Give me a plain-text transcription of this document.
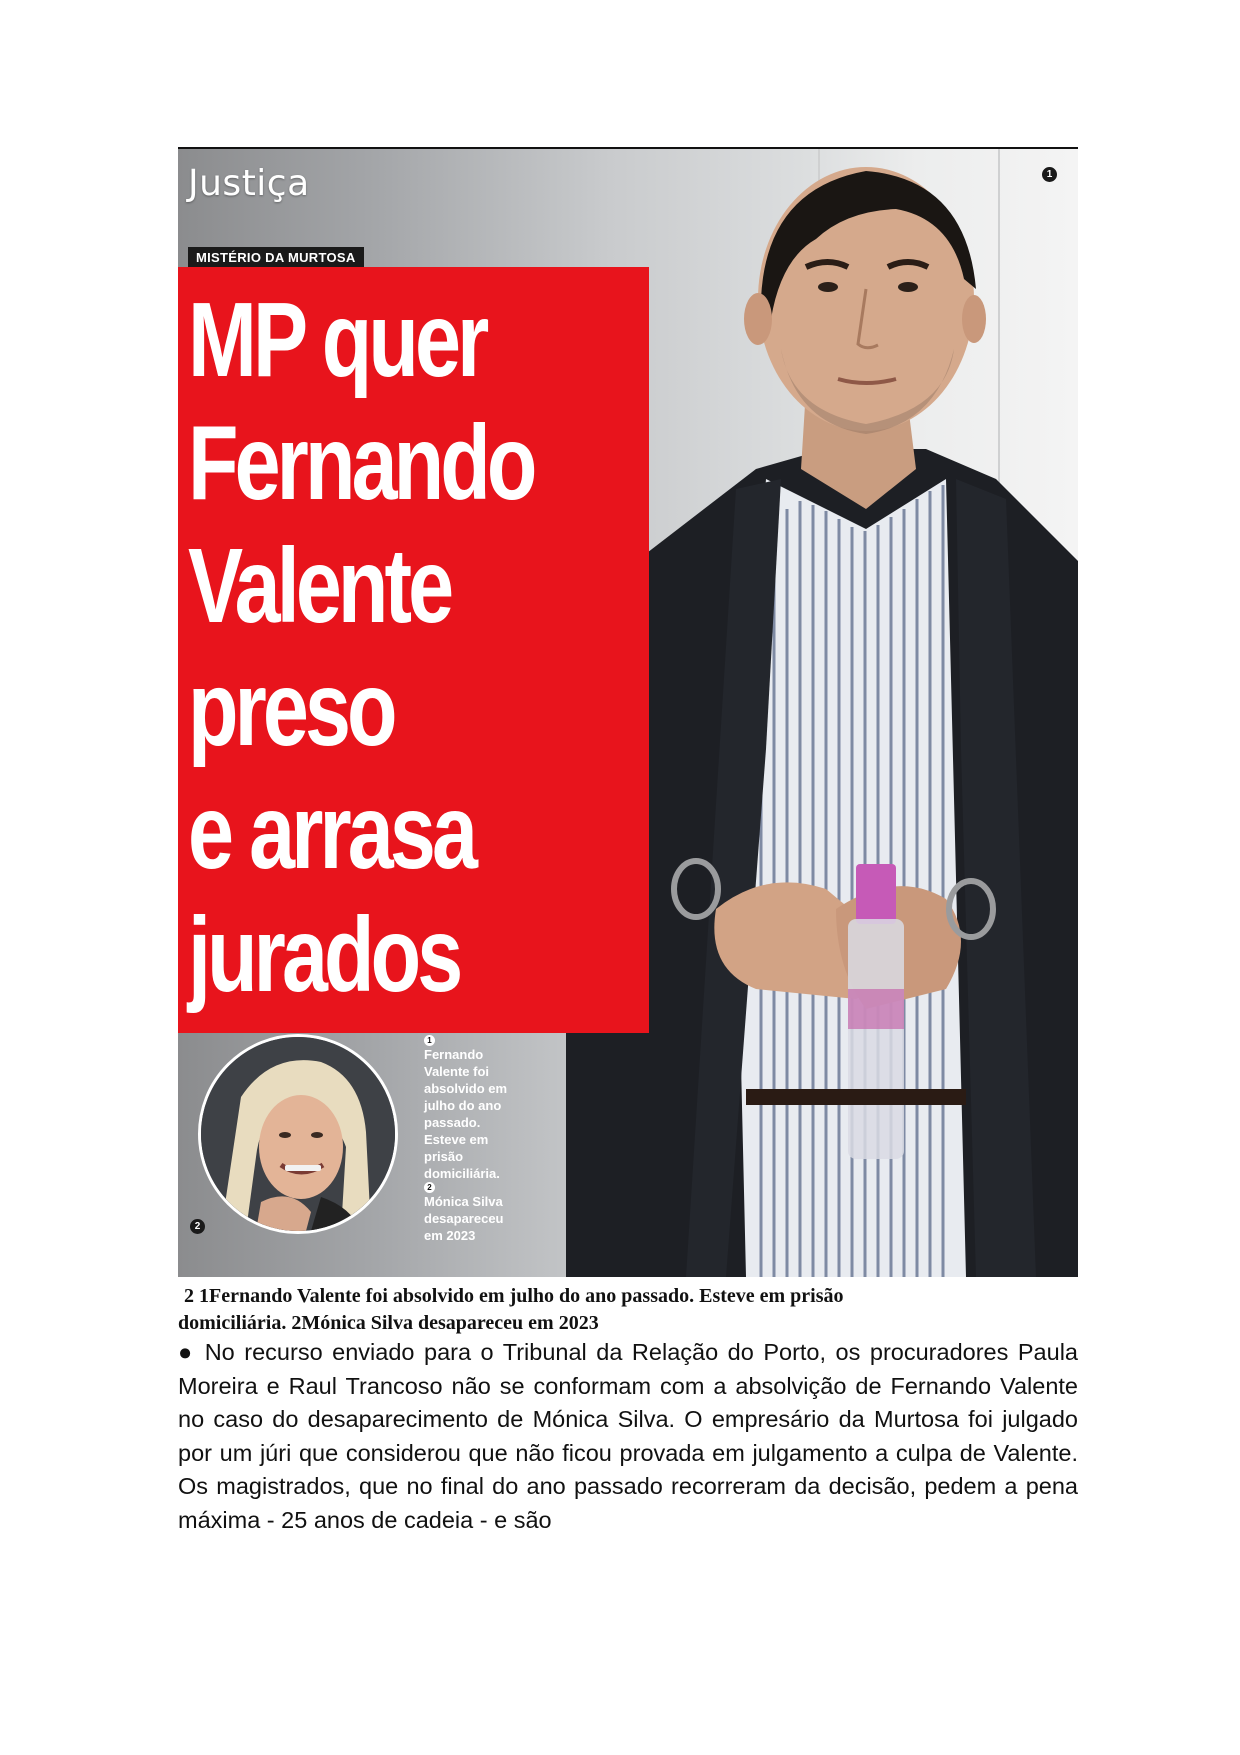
Justiça	1
MISTÉRIO DA MURTOSA
MP quer
Fernando
Valente
preso
e arrasa
jurados
2
1
Fernando
Valente foi
absolvido em
julho do ano
passado.
Esteve em
prisão
domiciliária.
2
Mónica Silva
desapareceu
em 2023
2 1Fernando Valente foi absolvido em julho do ano passado. Esteve em prisão
domiciliária. 2Mónica Silva desapareceu em 2023
● No recurso enviado para o Tribunal da Relação do Porto, os procuradores Paula Moreira e Raul Trancoso não se conformam com a absolvição de Fernando Valente no caso do desaparecimento de Mónica Silva. O empresário da Murtosa foi julgado por um júri que considerou que não ficou provada em julgamento a culpa de Valente. Os magistrados, que no final do ano passado recorreram da decisão, pedem a pena máxima - 25 anos de cadeia - e são
